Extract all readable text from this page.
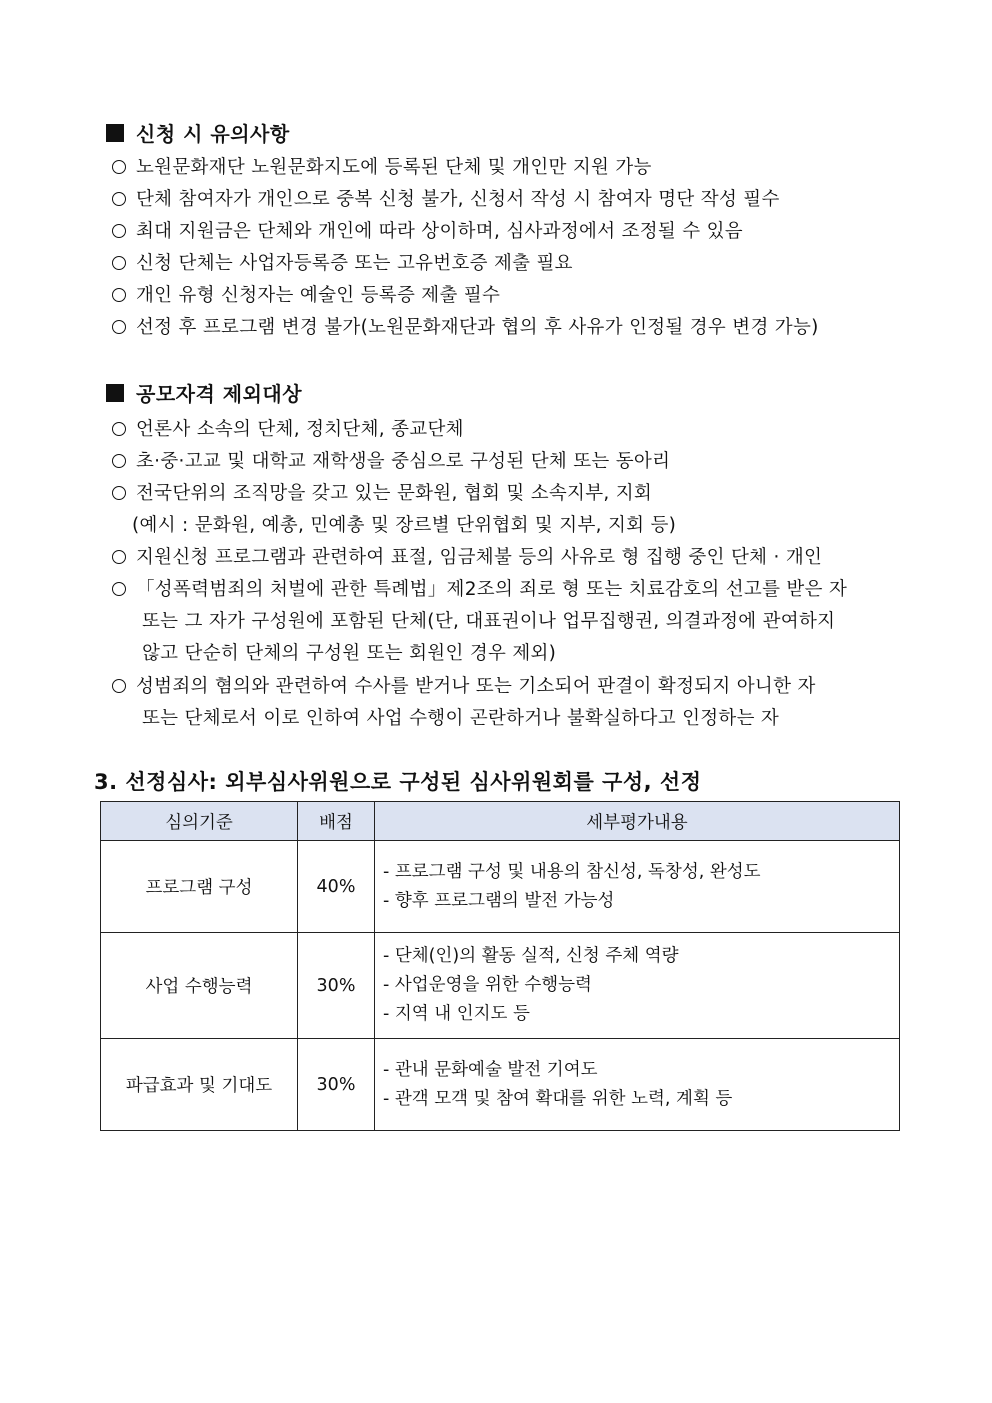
신청 시 유의사항
노원문화재단 노원문화지도에 등록된 단체 및 개인만 지원 가능
단체 참여자가 개인으로 중복 신청 불가, 신청서 작성 시 참여자 명단 작성 필수
최대 지원금은 단체와 개인에 따라 상이하며, 심사과정에서 조정될 수 있음
신청 단체는 사업자등록증 또는 고유번호증 제출 필요
개인 유형 신청자는 예술인 등록증 제출 필수
선정 후 프로그램 변경 불가(노원문화재단과 협의 후 사유가 인정될 경우 변경 가능)
공모자격 제외대상
언론사 소속의 단체, 정치단체, 종교단체
초·중·고교 및 대학교 재학생을 중심으로 구성된 단체 또는 동아리
전국단위의 조직망을 갖고 있는 문화원, 협회 및 소속지부, 지회
(예시 : 문화원, 예총, 민예총 및 장르별 단위협회 및 지부, 지회 등)
지원신청 프로그램과 관련하여 표절, 임금체불 등의 사유로 형 집행 중인 단체 · 개인
「성폭력범죄의 처벌에 관한 특례법」제2조의 죄로 형 또는 치료감호의 선고를 받은 자
또는 그 자가 구성원에 포함된 단체(단, 대표권이나 업무집행권, 의결과정에 관여하지
않고 단순히 단체의 구성원 또는 회원인 경우 제외)
성범죄의 혐의와 관련하여 수사를 받거나 또는 기소되어 판결이 확정되지 아니한 자
또는 단체로서 이로 인하여 사업 수행이 곤란하거나 불확실하다고 인정하는 자
3. 선정심사: 외부심사위원으로 구성된 심사위원회를 구성, 선정
심의기준	배점	세부평가내용
프로그램 구성	40%	- 프로그램 구성 및 내용의 참신성, 독창성, 완성도
- 향후 프로그램의 발전 가능성

사업 수행능력	30%	- 단체(인)의 활동 실적, 신청 주체 역량
- 사업운영을 위한 수행능력
- 지역 내 인지도 등

파급효과 및 기대도	30%	- 관내 문화예술 발전 기여도
- 관객 모객 및 참여 확대를 위한 노력, 계획 등
